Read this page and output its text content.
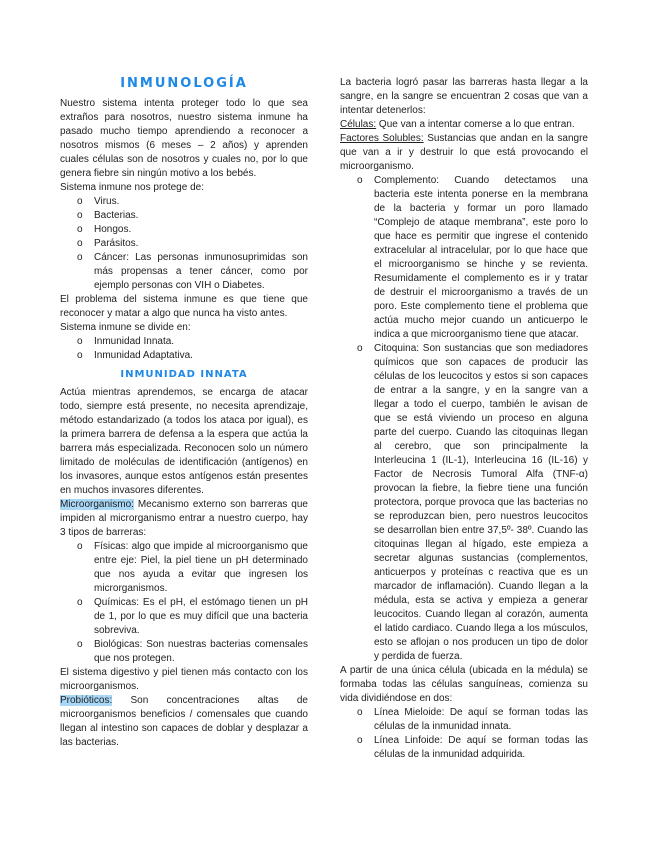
INMUNOLOGÍA

Nuestro sistema intenta proteger todo lo que sea extraños para nosotros, nuestro sistema inmune ha pasado mucho tiempo aprendiendo a reconocer a nosotros mismos (6 meses – 2 años) y aprenden cuales células son de nosotros y cuales no, por lo que genera fiebre sin ningún motivo a los bebés.

Sistema inmune nos protege de:

o Virus.
o Bacterias.
o Hongos.
o Parásitos.
o Cáncer: Las personas inmunosuprimidas son más propensas a tener cáncer, como por ejemplo personas con VIH o Diabetes.

El problema del sistema inmune es que tiene que reconocer y matar a algo que nunca ha visto antes.

Sistema inmune se divide en:

o Inmunidad Innata.
o Inmunidad Adaptativa.
INMUNIDAD INNATA

Actúa mientras aprendemos, se encarga de atacar todo, siempre está presente, no necesita aprendizaje, método estandarizado (a todos los ataca por igual), es la primera barrera de defensa a la espera que actúa la barrera más especializada. Reconocen solo un número limitado de moléculas de identificación (antígenos) en los invasores, aunque estos antígenos están presentes en muchos invasores diferentes.

Microorganismo: Mecanismo externo son barreras que impiden al microrganismo entrar a nuestro cuerpo, hay 3 tipos de barreras:

o Físicas: algo que impide al microorganismo que entre eje: Piel, la piel tiene un pH determinado que nos ayuda a evitar que ingresen los microrganismos.
o Químicas: Es el pH, el estómago tienen un pH de 1, por lo que es muy difícil que una bacteria sobreviva.
o Biológicas: Son nuestras bacterias comensales que nos protegen.

El sistema digestivo y piel tienen más contacto con los microorganismos.

Probióticos: Son concentraciones altas de microorganismos beneficios / comensales que cuando llegan al intestino son capaces de doblar y desplazar a las bacterias.

La bacteria logró pasar las barreras hasta llegar a la sangre, en la sangre se encuentran 2 cosas que van a intentar detenerlos:

Células: Que van a intentar comerse a lo que entran.

Factores Solubles: Sustancias que andan en la sangre que van a ir y destruir lo que está provocando el microorganismo.

o Complemento: Cuando detectamos una bacteria este intenta ponerse en la membrana de la bacteria y formar un poro llamado “Complejo de ataque membrana”, este poro lo que hace es permitir que ingrese el contenido extracelular al intracelular, por lo que hace que el microorganismo se hinche y se revienta. Resumidamente el complemento es ir y tratar de destruir el microorganismo a través de un poro. Este complemento tiene el problema que actúa mucho mejor cuando un anticuerpo le indica a que microorganismo tiene que atacar.
o Citoquina: Son sustancias que son mediadores químicos que son capaces de producir las células de los leucocitos y estos si son capaces de entrar a la sangre, y en la sangre van a llegar a todo el cuerpo, también le avisan de que se está viviendo un proceso en alguna parte del cuerpo. Cuando las citoquinas llegan al cerebro, que son principalmente la Interleucina 1 (IL-1), Interleucina 16 (IL-16) y Factor de Necrosis Tumoral Alfa (TNF-α) provocan la fiebre, la fiebre tiene una función protectora, porque provoca que las bacterias no se reproduzcan bien, pero nuestros leucocitos se desarrollan bien entre 37,5º- 38º. Cuando las citoquinas llegan al hígado, este empieza a secretar algunas sustancias (complementos, anticuerpos y proteínas c reactiva que es un marcador de inflamación). Cuando llegan a la médula, esta se activa y empieza a generar leucocitos. Cuando llegan al corazón, aumenta el latido cardiaco. Cuando llega a los músculos, esto se aflojan o nos producen un tipo de dolor y perdida de fuerza.

A partir de una única célula (ubicada en la médula) se formaba todas las células sanguíneas, comienza su vida dividiéndose en dos:

o Línea Mieloide: De aquí se forman todas las células de la inmunidad innata.
o Línea Linfoide: De aquí se forman todas las células de la inmunidad adquirida.
